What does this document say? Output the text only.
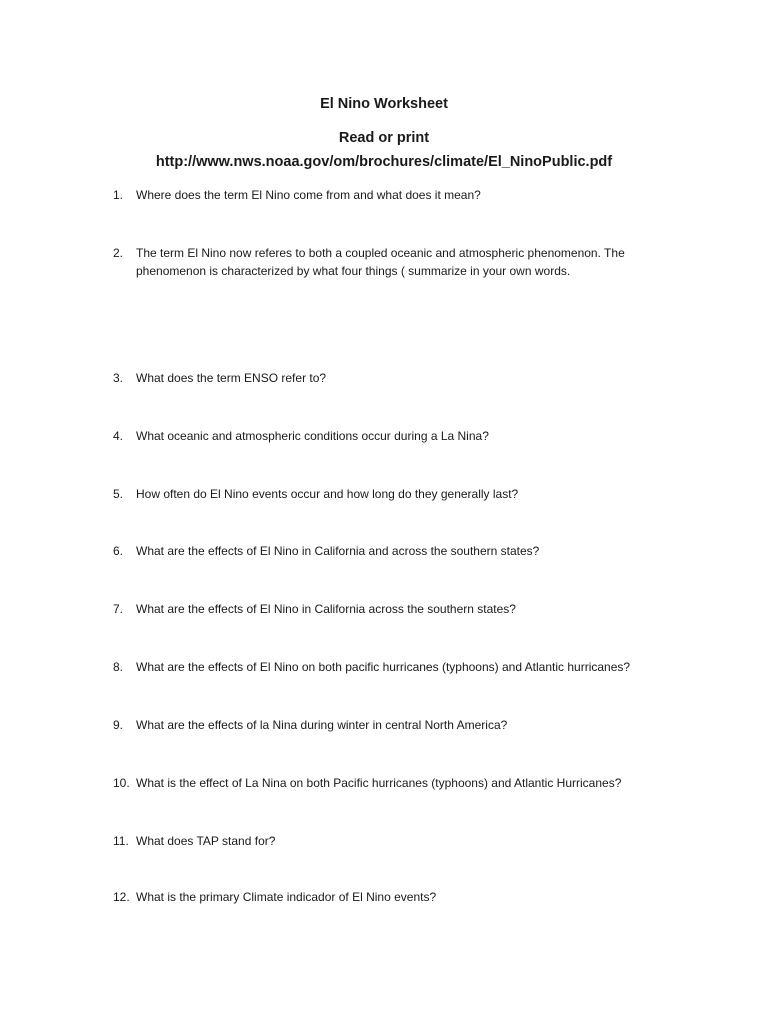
El Nino Worksheet
Read or print
http://www.nws.noaa.gov/om/brochures/climate/El_NinoPublic.pdf
1.	Where does the term El Nino come from and what does it mean?
2.	The term El Nino now referes to both a coupled oceanic and atmospheric phenomenon. The phenomenon is characterized by what four things ( summarize in your own words.
3.	What does the term ENSO refer to?
4.	What oceanic and atmospheric conditions occur during a La Nina?
5.	How often do El Nino events occur and how long do they generally last?
6.	What are the effects of El Nino in California and across the southern states?
7.	What are the effects of El Nino in California across the southern states?
8.	What are the effects of El Nino on both pacific hurricanes (typhoons) and Atlantic hurricanes?
9.	What are the effects of la Nina during winter in central North America?
10. What is the effect of La Nina on both Pacific hurricanes (typhoons) and Atlantic Hurricanes?
11. What does TAP stand for?
12. What is the primary Climate indicador of El Nino events?
